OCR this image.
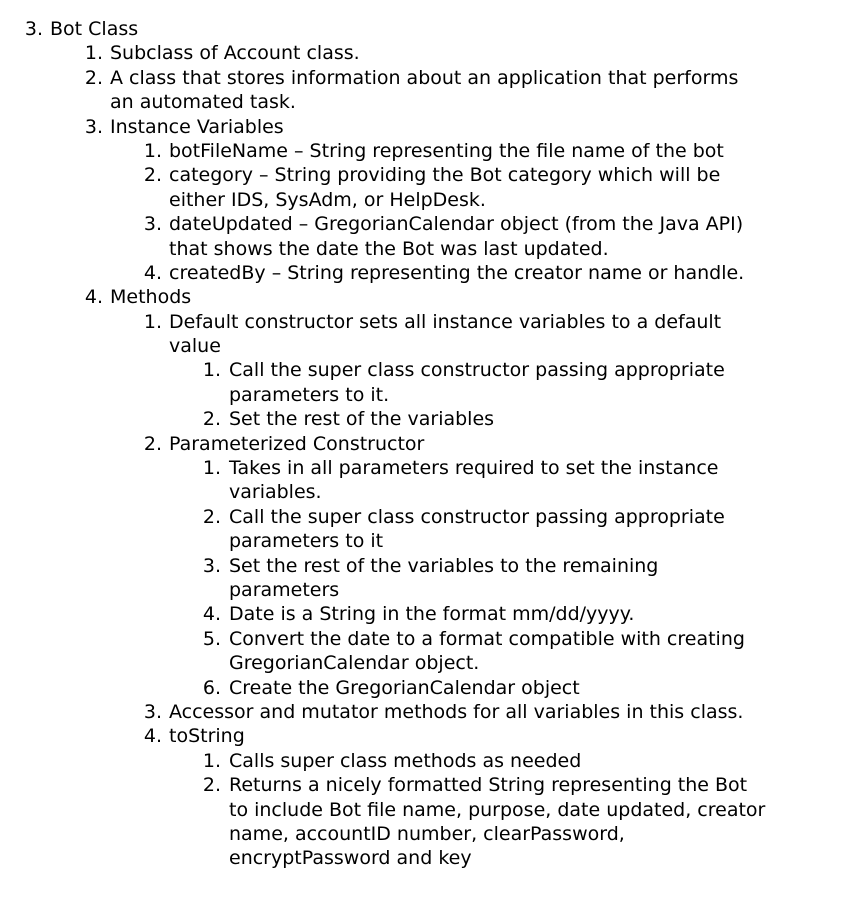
3. Bot Class
1. Subclass of Account class.
2. A class that stores information about an application that performs
an automated task.
3. Instance Variables
1. botFileName – String representing the file name of the bot
2. category – String providing the Bot category which will be
either IDS, SysAdm, or HelpDesk.
3. dateUpdated – GregorianCalendar object (from the Java API)
that shows the date the Bot was last updated.
4. createdBy – String representing the creator name or handle.
4. Methods
1. Default constructor sets all instance variables to a default
value
1. Call the super class constructor passing appropriate
parameters to it.
2. Set the rest of the variables
2. Parameterized Constructor
1. Takes in all parameters required to set the instance
variables.
2. Call the super class constructor passing appropriate
parameters to it
3. Set the rest of the variables to the remaining
parameters
4. Date is a String in the format mm/dd/yyyy.
5. Convert the date to a format compatible with creating
GregorianCalendar object.
6. Create the GregorianCalendar object
3. Accessor and mutator methods for all variables in this class.
4. toString
1. Calls super class methods as needed
2. Returns a nicely formatted String representing the Bot
to include Bot file name, purpose, date updated, creator
name, accountID number, clearPassword,
encryptPassword and key
